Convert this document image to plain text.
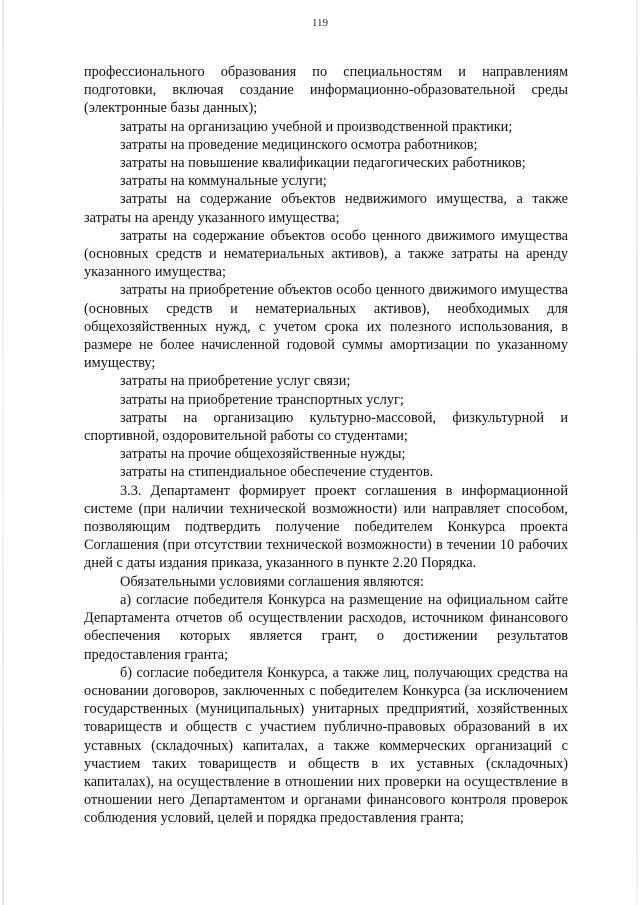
119

профессионального образования по специальностям и направлениям подготовки, включая создание информационно-образовательной среды (электронные базы данных);

затраты на организацию учебной и производственной практики;

затраты на проведение медицинского осмотра работников;

затраты на повышение квалификации педагогических работников;

затраты на коммунальные услуги;

затраты на содержание объектов недвижимого имущества, а также затраты на аренду указанного имущества;

затраты на содержание объектов особо ценного движимого имущества (основных средств и нематериальных активов), а также затраты на аренду указанного имущества;

затраты на приобретение объектов особо ценного движимого имущества (основных средств и нематериальных активов), необходимых для общехозяйственных нужд, с учетом срока их полезного использования, в размере не более начисленной годовой суммы амортизации по указанному имуществу;

затраты на приобретение услуг связи;

затраты на приобретение транспортных услуг;

затраты на организацию культурно-массовой, физкультурной и спортивной, оздоровительной работы со студентами;

затраты на прочие общехозяйственные нужды;

затраты на стипендиальное обеспечение студентов.

3.3. Департамент формирует проект соглашения в информационной системе (при наличии технической возможности) или направляет способом, позволяющим подтвердить получение победителем Конкурса проекта Соглашения (при отсутствии технической возможности) в течении 10 рабочих дней с даты издания приказа, указанного в пункте 2.20 Порядка.

Обязательными условиями соглашения являются:

а) согласие победителя Конкурса на размещение на официальном сайте Департамента отчетов об осуществлении расходов, источником финансового обеспечения которых является грант, о достижении результатов предоставления гранта;

б) согласие победителя Конкурса, а также лиц, получающих средства на основании договоров, заключенных с победителем Конкурса (за исключением государственных (муниципальных) унитарных предприятий, хозяйственных товариществ и обществ с участием публично-правовых образований в их уставных (складочных) капиталах, а также коммерческих организаций с участием таких товариществ и обществ в их уставных (складочных) капиталах), на осуществление в отношении них проверки на осуществление в отношении него Департаментом и органами финансового контроля проверок соблюдения условий, целей и порядка предоставления гранта;
